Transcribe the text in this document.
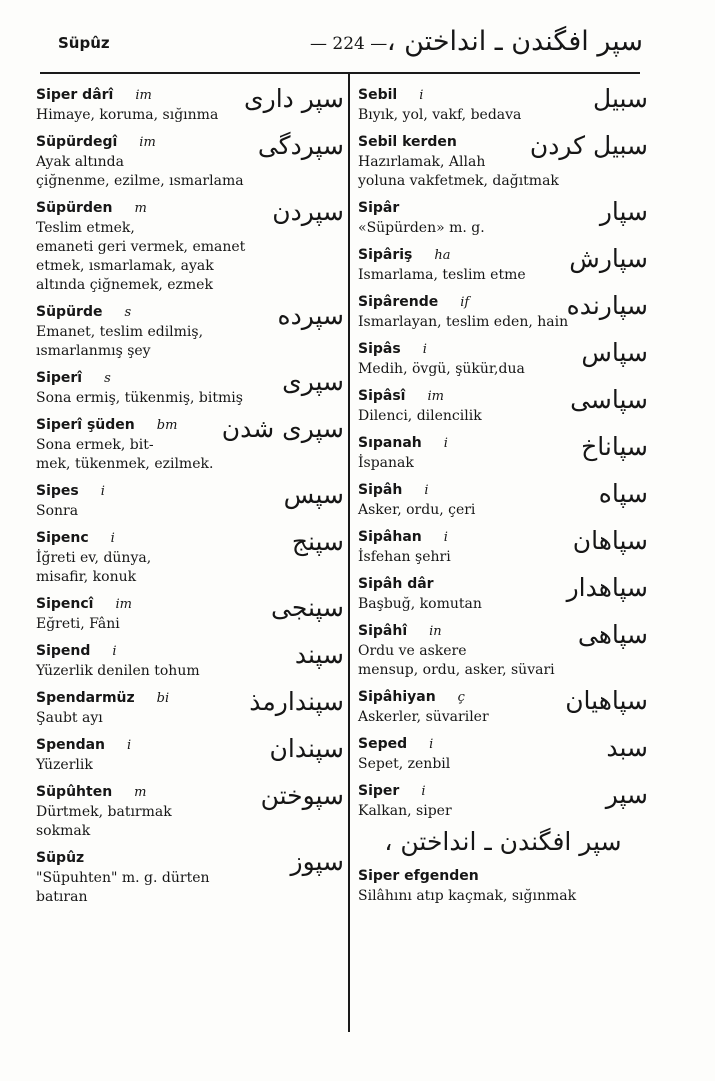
Süpûz	— 224 — سپر افگندن ـ انداختن ،
Siper dârî im	سپر داری
Himaye, koruma, sığınma
Süpürdegî im	سپردگی
Ayak altında
çiğnenme, ezilme, ısmarlama
Süpürden m	سپردن
Teslim etmek,
emaneti geri vermek, emanet
etmek, ısmarlamak, ayak
altında çiğnemek, ezmek
Süpürde s	سپرده
Emanet, teslim edilmiş,
ısmarlanmış şey
Siperî s	سپری
Sona ermiş, tükenmiş, bitmiş
Siperî şüden bm	سپری شدن
Sona ermek, bit-
mek, tükenmek, ezilmek.
Sipes i	سپس
Sonra
Sipenc i	سپنج
İğreti ev, dünya,
misafir, konuk
Sipencî im	سپنجی
Eğreti, Fâni
Sipend i	سپند
Yüzerlik denilen tohum
Spendarmüz bi	سپندارمذ
Şaubt ayı
Spendan i	سپندان
Yüzerlik
Süpûhten m	سپوختن
Dürtmek, batırmak
sokmak
Süpûz	سپوز
"Süpuhten" m. g. dürten
batıran
Sebil i	سبیل
Bıyık, yol, vakf, bedava
Sebil kerden	سبیل کردن
Hazırlamak, Allah
yoluna vakfetmek, dağıtmak
Sipâr	سپار
«Süpürden» m. g.
Sipâriş ha	سپارش
Ismarlama, teslim etme
Sipârende if	سپارنده
Ismarlayan, teslim eden, hain
Sipâs i	سپاس
Medih, övgü, şükür,dua
Sipâsî im	سپاسی
Dilenci, dilencilik
Sıpanah i	سپاناخ
İspanak
Sipâh i	سپاه
Asker, ordu, çeri
Sipâhan i	سپاهان
İsfehan şehri
Sipâh dâr	سپاهدار
Başbuğ, komutan
Sipâhî in	سپاهی
Ordu ve askere
mensup, ordu, asker, süvari
Sipâhiyan ç	سپاهیان
Askerler, süvariler
Seped i	سبد
Sepet, zenbil
Siper i	سپر
Kalkan, siper
سپر افگندن ـ انداختن ،
Siper efgenden
Silâhını atıp kaçmak, sığınmak
